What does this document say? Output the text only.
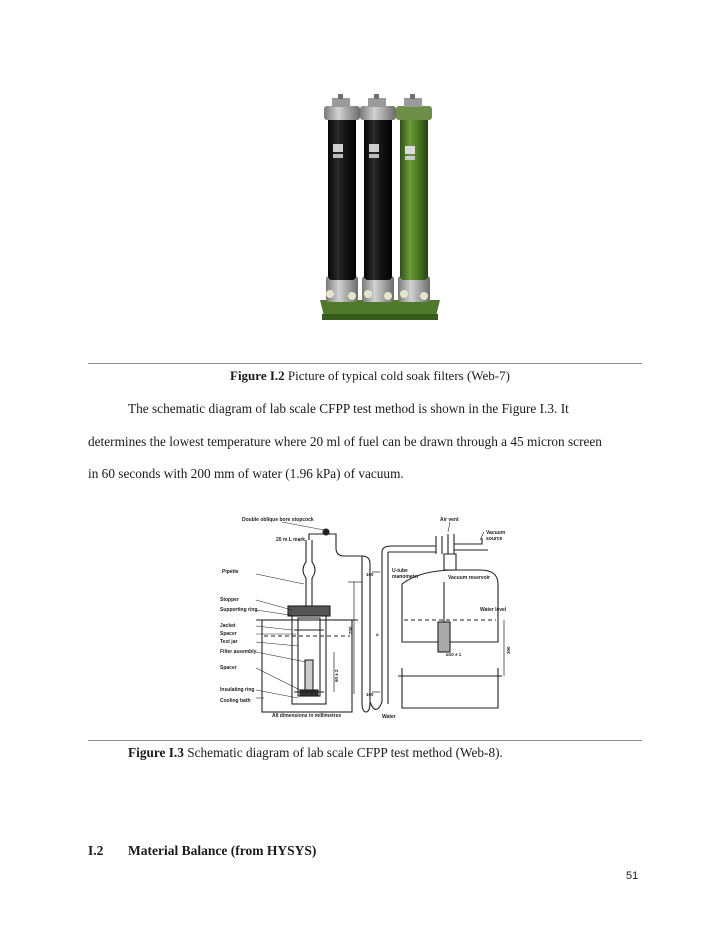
Figure I.2 Picture of typical cold soak filters (Web-7)
The schematic diagram of lab scale CFPP test method is shown in the Figure I.3. It
determines the lowest temperature where 20 ml of fuel can be drawn through a 45 micron screen
in 60 seconds with 200 mm of water (1.96 kPa) of vacuum.
Double oblique bore stopcock
20 m L mark
Air vent
Vacuum
source
Pipette	U-tube
manometer	Vacuum reservoir
Stopper
Supporting ring	Water level
Jacket
Spacer
Test jar
Filter assembly
Spacer
Insulating ring
Cooling bath
All dimensions in millimetres	Water
100
100
a
ø10 ± 1
200
300
60 ± 2
Figure I.3 Schematic diagram of lab scale CFPP test method (Web-8).
I.2 Material Balance (from HYSYS)
51
